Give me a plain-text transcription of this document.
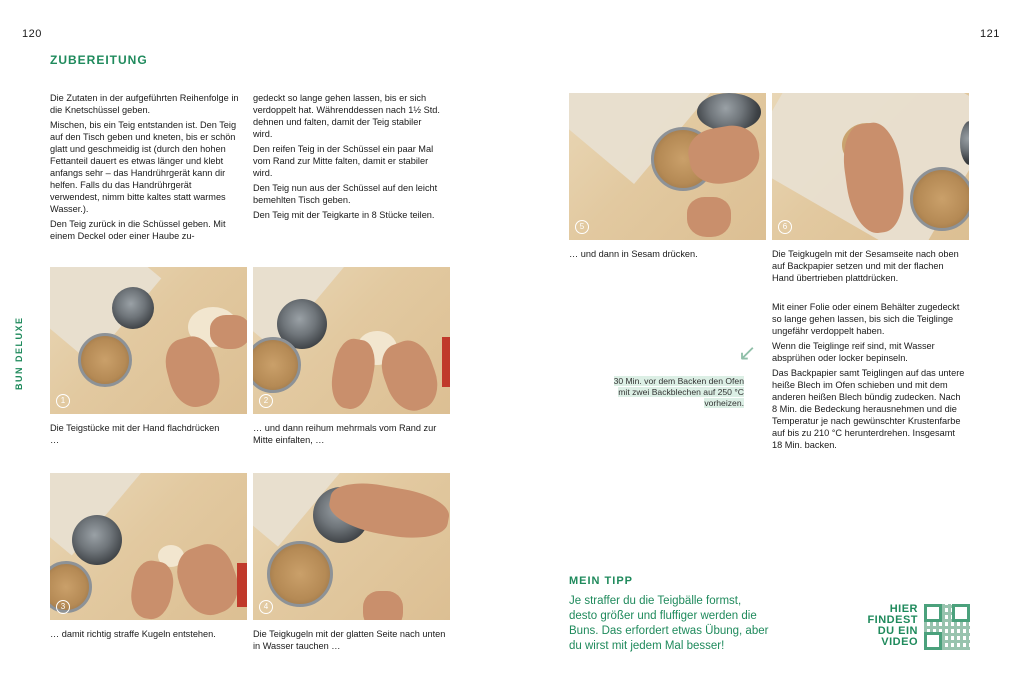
120	121
BUN DELUXE
ZUBEREITUNG

Die Zutaten in der aufgeführten Reihenfolge in die Knetschüssel geben.

Mischen, bis ein Teig entstanden ist. Den Teig auf den Tisch geben und kneten, bis er schön glatt und geschmeidig ist (durch den hohen Fettanteil dauert es etwas länger und klebt anfangs sehr – das Handrührgerät kann dir helfen. Falls du das Handrührgerät verwendest, nimm bitte kaltes statt warmes Wasser.).

Den Teig zurück in die Schüssel geben. Mit einem Deckel oder einer Haube zu-

gedeckt so lange gehen lassen, bis er sich verdoppelt hat. Währenddessen nach 1½ Std. dehnen und falten, damit der Teig stabiler wird.

Den reifen Teig in der Schüssel ein paar Mal vom Rand zur Mitte falten, damit er stabiler wird.

Den Teig nun aus der Schüssel auf den leicht bemehlten Tisch geben.

Den Teig mit der Teigkarte in 8 Stücke teilen.

1
Die Teigstücke mit der Hand flachdrücken …
2
… und dann reihum mehrmals vom Rand zur Mitte einfalten, …
3
… damit richtig straffe Kugeln entstehen.
4
Die Teigkugeln mit der glatten Seite nach unten in Wasser tauchen …
5
… und dann in Sesam drücken.
6
Die Teigkugeln mit der Sesamseite nach oben auf Backpapier setzen und mit der flachen Hand übertrieben plattdrücken.

Mit einer Folie oder einem Behälter zugedeckt so lange gehen lassen, bis sich die Teiglinge ungefähr verdoppelt haben.

Wenn die Teiglinge reif sind, mit Wasser absprühen oder locker bepinseln.

Das Backpapier samt Teiglingen auf das untere heiße Blech im Ofen schieben und mit dem anderen heißen Blech bündig zudecken. Nach 8 Min. die Bedeckung herausnehmen und die Temperatur je nach gewünschter Krustenfarbe auf bis zu 210 °C herunterdrehen. Insgesamt 18 Min. backen.

↙
30 Min. vor dem Backen den Ofen mit zwei Backblechen auf 250 °C vorheizen.
MEIN TIPP
Je straffer du die Teigbälle formst, desto größer und fluffiger werden die Buns. Das erfordert etwas Übung, aber du wirst mit jedem Mal besser!
HIER
FINDEST
DU EIN
VIDEO
